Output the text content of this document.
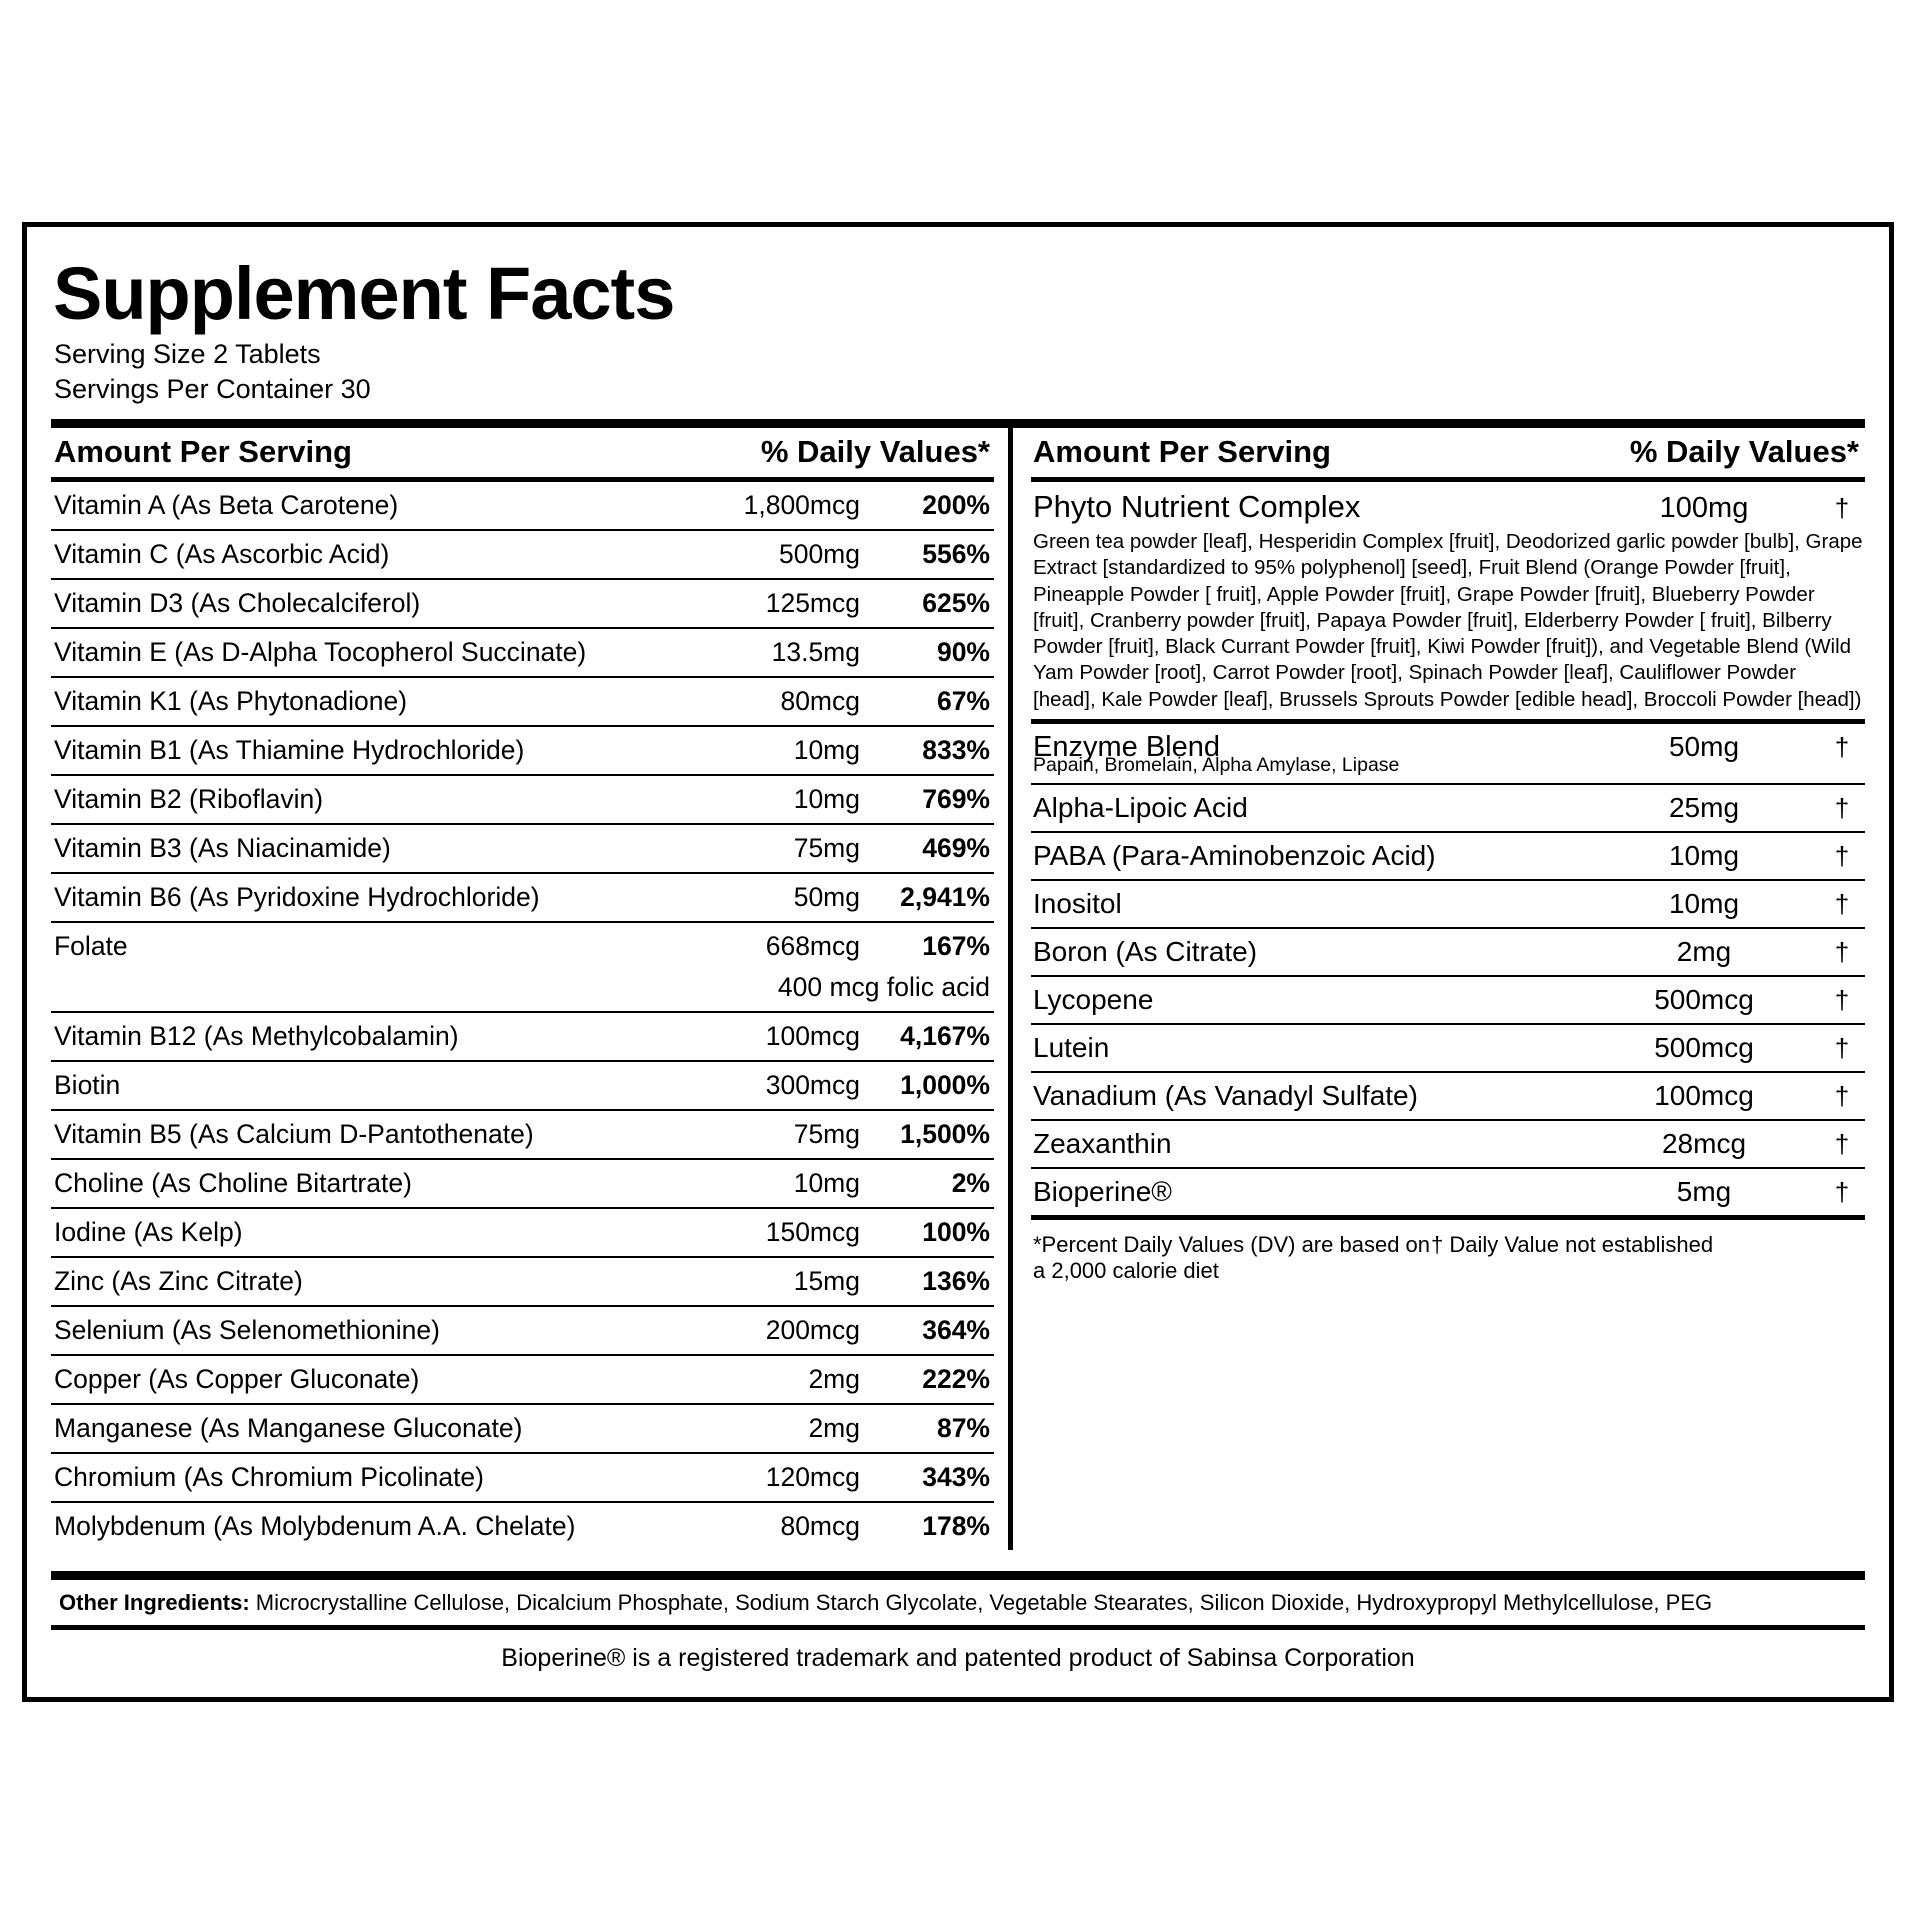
Supplement Facts
Serving Size 2 Tablets
Servings Per Container 30
Amount Per Serving	% Daily Values*
Vitamin A (As Beta Carotene)	1,800mcg	200%
Vitamin C (As Ascorbic Acid)	500mg	556%
Vitamin D3 (As Cholecalciferol)	125mcg	625%
Vitamin E (As D-Alpha Tocopherol Succinate)	13.5mg	90%
Vitamin K1 (As Phytonadione)	80mcg	67%
Vitamin B1 (As Thiamine Hydrochloride)	10mg	833%
Vitamin B2 (Riboflavin)	10mg	769%
Vitamin B3 (As Niacinamide)	75mg	469%
Vitamin B6 (As Pyridoxine Hydrochloride)	50mg	2,941%
Folate	668mcg	167%
400 mcg folic acid
Vitamin B12 (As Methylcobalamin)	100mcg	4,167%
Biotin	300mcg	1,000%
Vitamin B5 (As Calcium D-Pantothenate)	75mg	1,500%
Choline (As Choline Bitartrate)	10mg	2%
Iodine (As Kelp)	150mcg	100%
Zinc (As Zinc Citrate)	15mg	136%
Selenium (As Selenomethionine)	200mcg	364%
Copper (As Copper Gluconate)	2mg	222%
Manganese (As Manganese Gluconate)	2mg	87%
Chromium (As Chromium Picolinate)	120mcg	343%
Molybdenum (As Molybdenum A.A. Chelate)	80mcg	178%
Amount Per Serving	% Daily Values*
Phyto Nutrient Complex	100mg	†
Green tea powder [leaf], Hesperidin Complex [fruit], Deodorized garlic powder [bulb], Grape Extract [standardized to 95% polyphenol] [seed], Fruit Blend (Orange Powder [fruit], Pineapple Powder [ fruit], Apple Powder [fruit], Grape Powder [fruit], Blueberry Powder [fruit], Cranberry powder [fruit], Papaya Powder [fruit], Elderberry Powder [ fruit], Bilberry Powder [fruit], Black Currant Powder [fruit], Kiwi Powder [fruit]), and Vegetable Blend (Wild Yam Powder [root], Carrot Powder [root], Spinach Powder [leaf], Cauliflower Powder [head], Kale Powder [leaf], Brussels Sprouts Powder [edible head], Broccoli Powder [head])
Enzyme Blend	50mg	†
Papain, Bromelain, Alpha Amylase, Lipase
Alpha-Lipoic Acid	25mg	†
PABA (Para-Aminobenzoic Acid)	10mg	†
Inositol	10mg	†
Boron (As Citrate)	2mg	†
Lycopene	500mcg	†
Lutein	500mcg	†
Vanadium (As Vanadyl Sulfate)	100mcg	†
Zeaxanthin	28mcg	†
Bioperine®	5mg	†
*Percent Daily Values (DV) are based on a 2,000 calorie diet
† Daily Value not established
Other Ingredients: Microcrystalline Cellulose, Dicalcium Phosphate, Sodium Starch Glycolate, Vegetable Stearates, Silicon Dioxide, Hydroxypropyl Methylcellulose, PEG
Bioperine® is a registered trademark and patented product of Sabinsa Corporation
